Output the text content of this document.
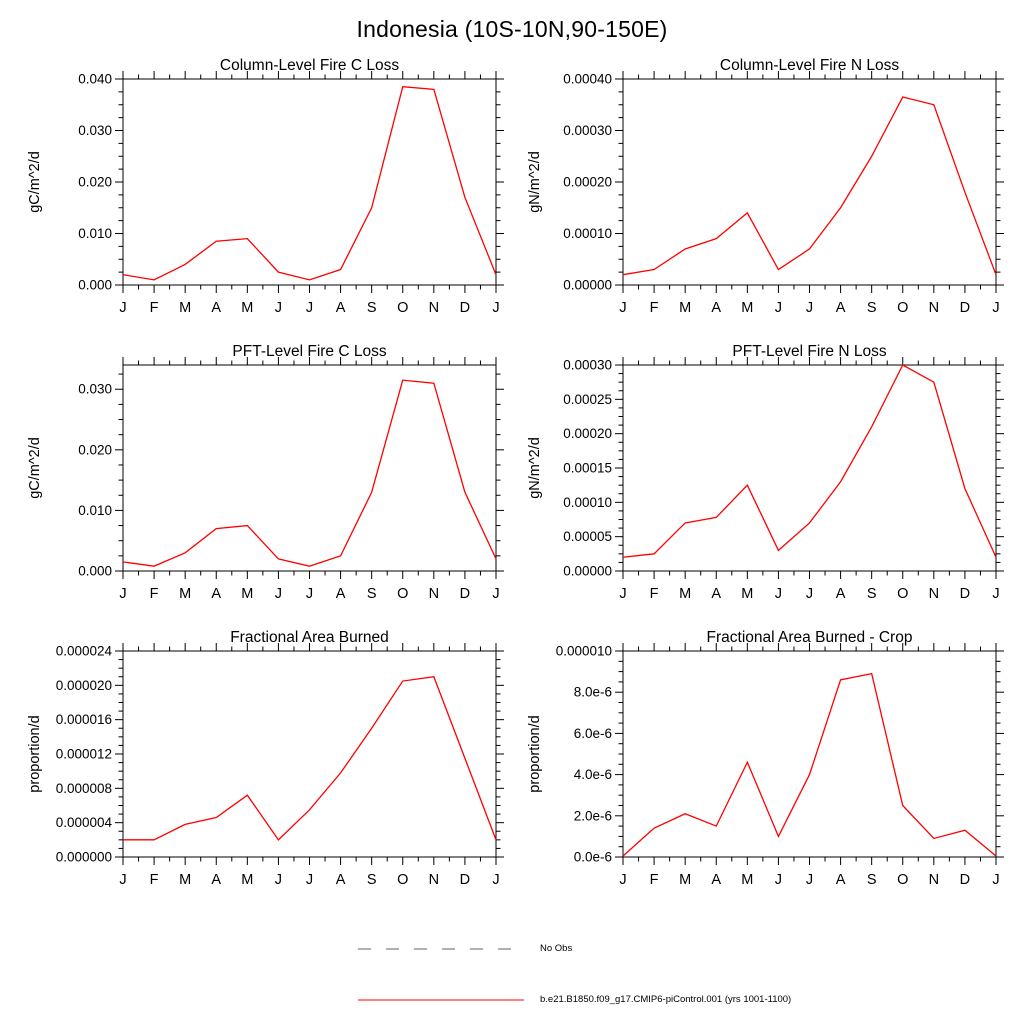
Indonesia (10S-10N,90-150E)
Column-Level Fire C Loss
gC/m^2/d
0.000
0.010
0.020
0.030
0.040
J F M A M J J A S O N D J
Column-Level Fire N Loss
gN/m^2/d
0.00000
0.00010
0.00020
0.00030
0.00040
J F M A M J J A S O N D J
PFT-Level Fire C Loss
gC/m^2/d
0.000
0.010
0.020
0.030
J F M A M J J A S O N D J
PFT-Level Fire N Loss
gN/m^2/d
0.00000
0.00005
0.00010
0.00015
0.00020
0.00025
0.00030
J F M A M J J A S O N D J
Fractional Area Burned
proportion/d
0.000000
0.000004
0.000008
0.000012
0.000016
0.000020
0.000024
J F M A M J J A S O N D J
Fractional Area Burned - Crop
proportion/d
0.0e-6
2.0e-6
4.0e-6
6.0e-6
8.0e-6
0.000010
J F M A M J J A S O N D J
No Obs
b.e21.B1850.f09_g17.CMIP6-piControl.001 (yrs 1001-1100)
